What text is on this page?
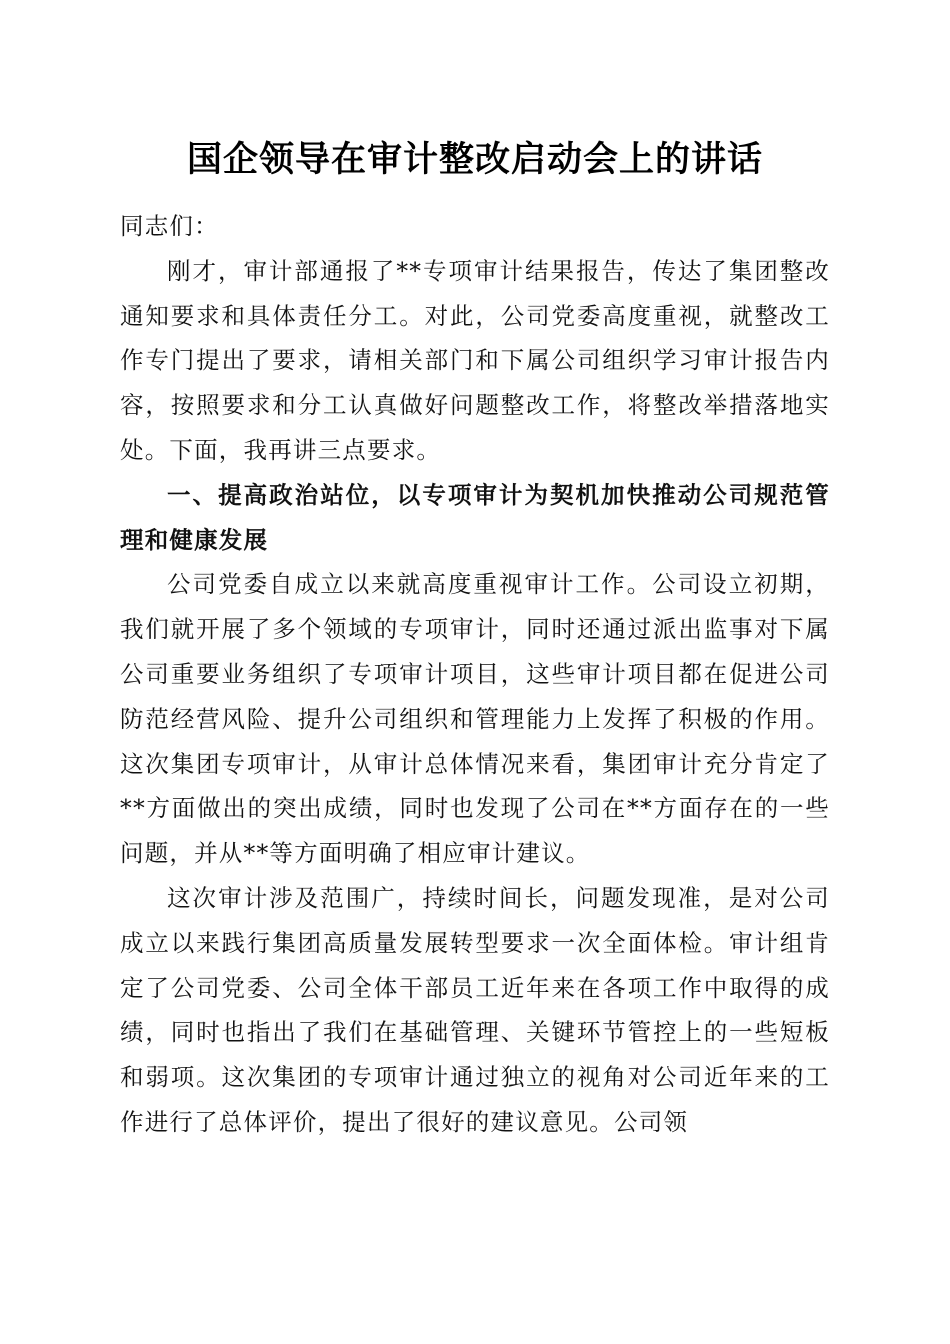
国企领导在审计整改启动会上的讲话

同志们：

刚才，审计部通报了**专项审计结果报告，传达了集团整改通知要求和具体责任分工。对此，公司党委高度重视，就整改工作专门提出了要求，请相关部门和下属公司组织学习审计报告内容，按照要求和分工认真做好问题整改工作，将整改举措落地实处。下面，我再讲三点要求。

一、提高政治站位，以专项审计为契机加快推动公司规范管理和健康发展

公司党委自成立以来就高度重视审计工作。公司设立初期，我们就开展了多个领域的专项审计，同时还通过派出监事对下属公司重要业务组织了专项审计项目，这些审计项目都在促进公司防范经营风险、提升公司组织和管理能力上发挥了积极的作用。这次集团专项审计，从审计总体情况来看，集团审计充分肯定了**方面做出的突出成绩，同时也发现了公司在**方面存在的一些问题，并从**等方面明确了相应审计建议。

这次审计涉及范围广，持续时间长，问题发现准，是对公司成立以来践行集团高质量发展转型要求一次全面体检。审计组肯定了公司党委、公司全体干部员工近年来在各项工作中取得的成绩，同时也指出了我们在基础管理、关键环节管控上的一些短板和弱项。这次集团的专项审计通过独立的视角对公司近年来的工作进行了总体评价，提出了很好的建议意见。公司领
